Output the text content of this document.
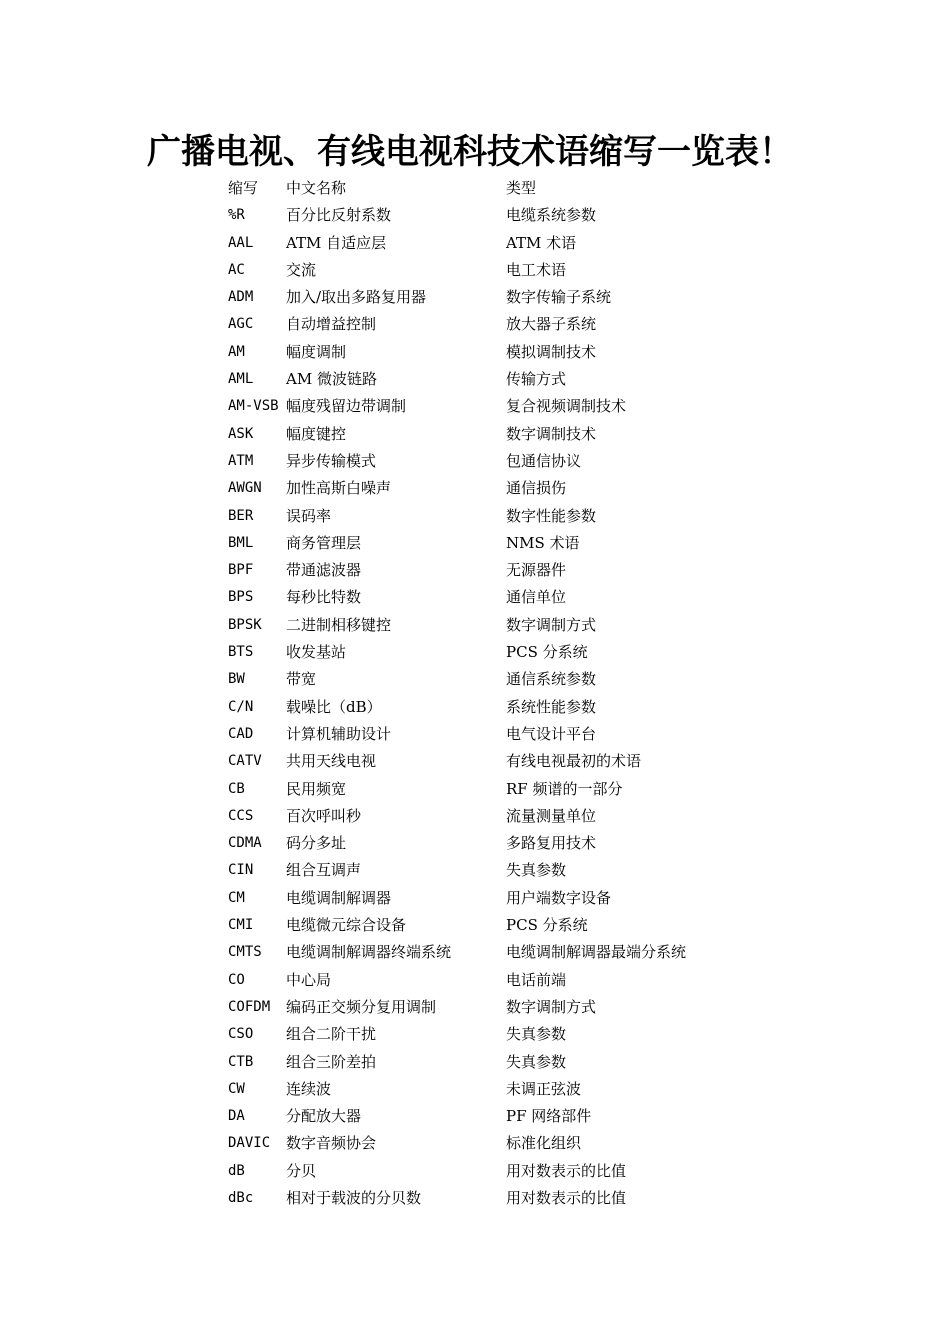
广播电视、有线电视科技术语缩写一览表！
缩写 中文名称	类型
%R	百分比反射系数	电缆系统参数
AAL ATM 自适应层	ATM 术语
AC	交流	电工术语
ADM 加入/取出多路复用器	数字传输子系统
AGC 自动增益控制	放大器子系统
AM	幅度调制	模拟调制技术
AML AM 微波链路	传输方式
AM-VSB 幅度残留边带调制	复合视频调制技术
ASK 幅度键控	数字调制技术
ATM 异步传输模式	包通信协议
AWGN 加性高斯白噪声	通信损伤
BER 误码率	数字性能参数
BML 商务管理层	NMS 术语
BPF 带通滤波器	无源器件
BPS 每秒比特数	通信单位
BPSK 二进制相移键控	数字调制方式
BTS 收发基站	PCS 分系统
BW	带宽	通信系统参数
C/N 载噪比（dB）	系统性能参数
CAD 计算机辅助设计	电气设计平台
CATV 共用天线电视	有线电视最初的术语
CB	民用频宽	RF 频谱的一部分
CCS 百次呼叫秒	流量测量单位
CDMA 码分多址	多路复用技术
CIN 组合互调声	失真参数
CM	电缆调制解调器	用户端数字设备
CMI 电缆微元综合设备	PCS 分系统
CMTS 电缆调制解调器终端系统	电缆调制解调器最端分系统
CO	中心局	电话前端
COFDM 编码正交频分复用调制	数字调制方式
CSO 组合二阶干扰	失真参数
CTB 组合三阶差拍	失真参数
CW	连续波	未调正弦波
DA	分配放大器	PF 网络部件
DAVIC 数字音频协会	标准化组织
dB	分贝	用对数表示的比值
dBc 相对于载波的分贝数	用对数表示的比值
